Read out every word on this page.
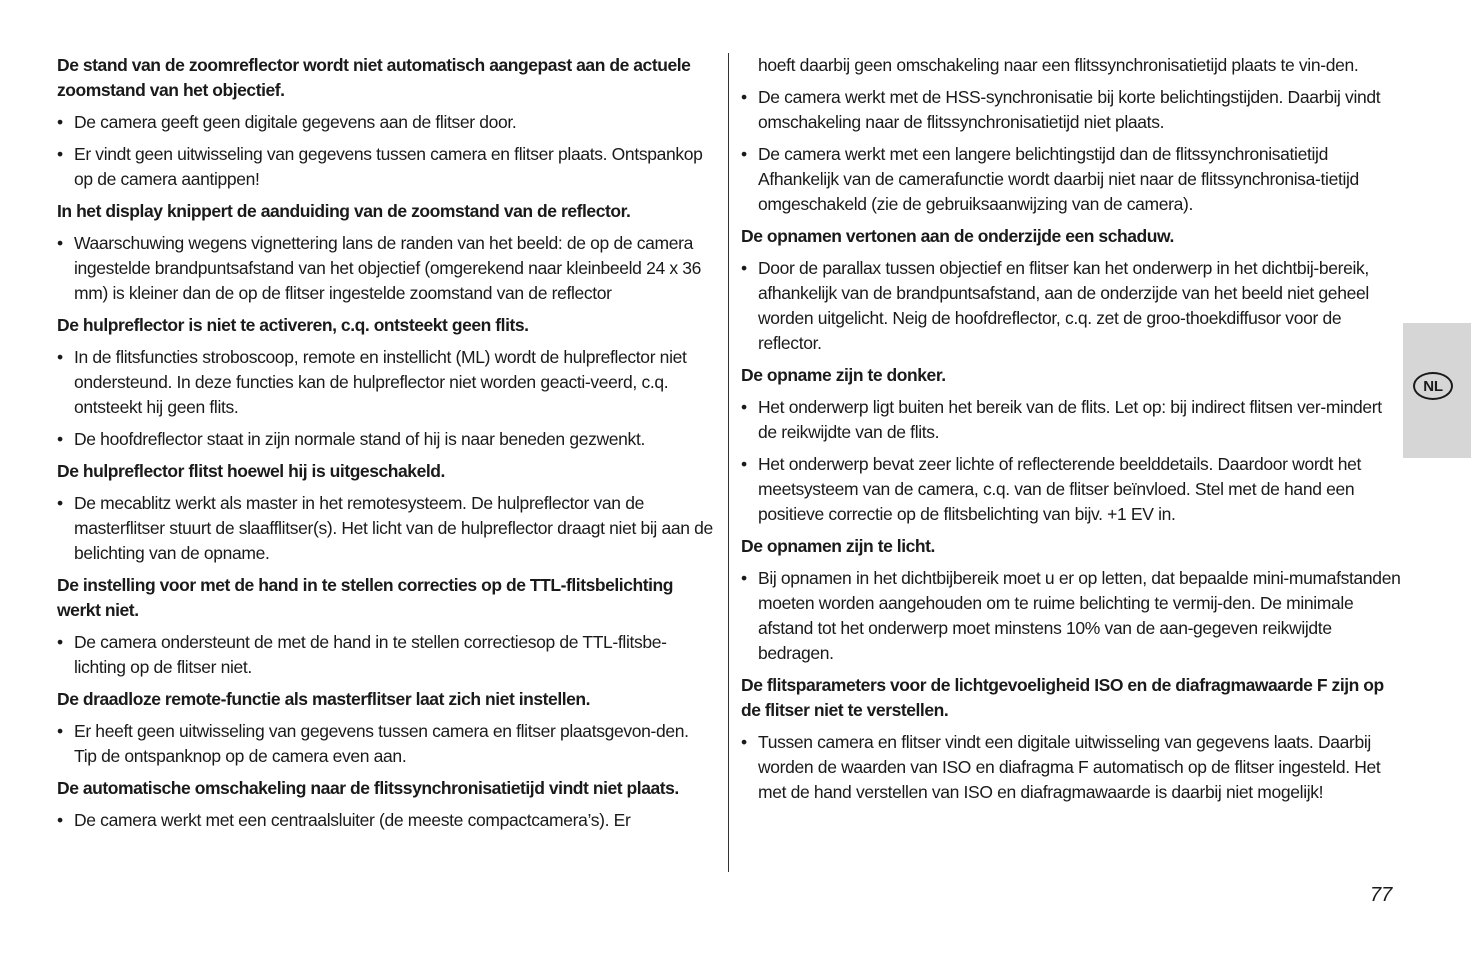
De stand van de zoomreflector wordt niet automatisch aangepast aan de actuele zoomstand van het objectief.
• De camera geeft geen digitale gegevens aan de flitser door.
• Er vindt geen uitwisseling van gegevens tussen camera en flitser plaats. Ontspankop op de camera aantippen!
In het display knippert de aanduiding van de zoomstand van de reflector.
• Waarschuwing wegens vignettering lans de randen van het beeld: de op de camera ingestelde brandpuntsafstand van het objectief (omgerekend naar kleinbeeld 24 x 36 mm) is kleiner dan de op de flitser ingestelde zoomstand van de reflector
De hulpreflector is niet te activeren, c.q. ontsteekt geen flits.
• In de flitsfuncties stroboscoop, remote en instellicht (ML) wordt de hulpreflector niet ondersteund. In deze functies kan de hulpreflector niet worden geacti-veerd, c.q. ontsteekt hij geen flits.
• De hoofdreflector staat in zijn normale stand of hij is naar beneden gezwenkt.
De hulpreflector flitst hoewel hij is uitgeschakeld.
• De mecablitz werkt als master in het remotesysteem. De hulpreflector van de masterflitser stuurt de slaafflitser(s). Het licht van de hulpreflector draagt niet bij aan de belichting van de opname.
De instelling voor met de hand in te stellen correcties op de TTL-flitsbelichting werkt niet.
• De camera ondersteunt de met de hand in te stellen correctiesop de TTL-flitsbe-lichting op de flitser niet.
De draadloze remote-functie als masterflitser laat zich niet instellen.
• Er heeft geen uitwisseling van gegevens tussen camera en flitser plaatsgevon-den. Tip de ontspanknop op de camera even aan.
De automatische omschakeling naar de flitssynchronisatietijd vindt niet plaats.
• De camera werkt met een centraalsluiter (de meeste compactcamera’s). Er
hoeft daarbij geen omschakeling naar een flitssynchronisatietijd plaats te vin-den.
• De camera werkt met de HSS-synchronisatie bij korte belichtingstijden. Daarbij vindt omschakeling naar de flitssynchronisatietijd niet plaats.
• De camera werkt met een langere belichtingstijd dan de flitssynchronisatietijd Afhankelijk van de camerafunctie wordt daarbij niet naar de flitssynchronisa-tietijd omgeschakeld (zie de gebruiksaanwijzing van de camera).
De opnamen vertonen aan de onderzijde een schaduw.
• Door de parallax tussen objectief en flitser kan het onderwerp in het dichtbij-bereik, afhankelijk van de brandpuntsafstand, aan de onderzijde van het beeld niet geheel worden uitgelicht. Neig de hoofdreflector, c.q. zet de groo-thoekdiffusor voor de reflector.
De opname zijn te donker.
• Het onderwerp ligt buiten het bereik van de flits. Let op: bij indirect flitsen ver-mindert de reikwijdte van de flits.
• Het onderwerp bevat zeer lichte of reflecterende beelddetails. Daardoor wordt het meetsysteem van de camera, c.q. van de flitser beïnvloed. Stel met de hand een positieve correctie op de flitsbelichting van bijv. +1 EV in.
De opnamen zijn te licht.
• Bij opnamen in het dichtbijbereik moet u er op letten, dat bepaalde mini-mumafstanden moeten worden aangehouden om te ruime belichting te vermij-den. De minimale afstand tot het onderwerp moet minstens 10% van de aan-gegeven reikwijdte bedragen.
De flitsparameters voor de lichtgevoeligheid ISO en de diafragmawaarde F zijn op de flitser niet te verstellen.
• Tussen camera en flitser vindt een digitale uitwisseling van gegevens laats. Daarbij worden de waarden van ISO en diafragma F automatisch op de flitser ingesteld. Het met de hand verstellen van ISO en diafragmawaarde is daarbij niet mogelijk!
NL
77
